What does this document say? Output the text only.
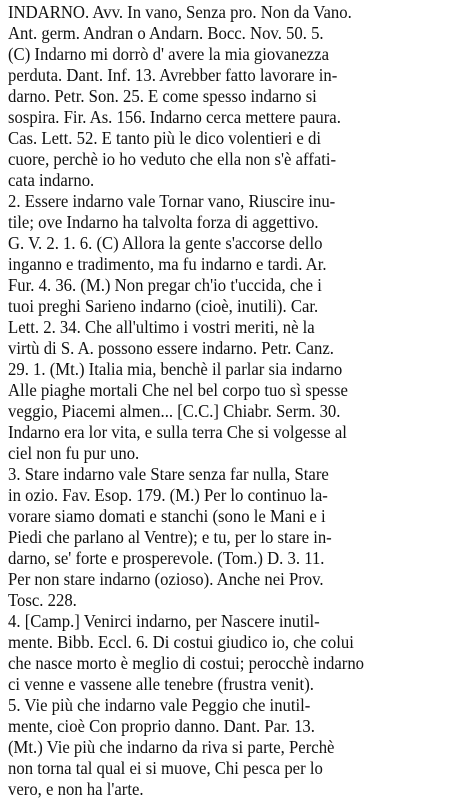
INDARNO. Avv. In vano, Senza pro. Non da Vano.
Ant. germ. Andran o Andarn. Bocc. Nov. 50. 5.
(C) Indarno mi dorrò d' avere la mia giovanezza
perduta. Dant. Inf. 13. Avrebber fatto lavorare in-
darno. Petr. Son. 25. E come spesso indarno si
sospira. Fir. As. 156. Indarno cerca mettere paura.
Cas. Lett. 52. E tanto più le dico volentieri e di
cuore, perchè io ho veduto che ella non s'è affati-
cata indarno.
2. Essere indarno vale Tornar vano, Riuscire inu-
tile; ove Indarno ha talvolta forza di aggettivo.
G. V. 2. 1. 6. (C) Allora la gente s'accorse dello
inganno e tradimento, ma fu indarno e tardi. Ar.
Fur. 4. 36. (M.) Non pregar ch'io t'uccida, che i
tuoi preghi Sarieno indarno (cioè, inutili). Car.
Lett. 2. 34. Che all'ultimo i vostri meriti, nè la
virtù di S. A. possono essere indarno. Petr. Canz.
29. 1. (Mt.) Italia mia, benchè il parlar sia indarno
Alle piaghe mortali Che nel bel corpo tuo sì spesse
veggio, Piacemi almen... [C.C.] Chiabr. Serm. 30.
Indarno era lor vita, e sulla terra Che si volgesse al
ciel non fu pur uno.
3. Stare indarno vale Stare senza far nulla, Stare
in ozio. Fav. Esop. 179. (M.) Per lo continuo la-
vorare siamo domati e stanchi (sono le Mani e i
Piedi che parlano al Ventre); e tu, per lo stare in-
darno, se' forte e prosperevole. (Tom.) D. 3. 11.
Per non stare indarno (ozioso). Anche nei Prov.
Tosc. 228.
4. [Camp.] Venirci indarno, per Nascere inutil-
mente. Bibb. Eccl. 6. Di costui giudico io, che colui
che nasce morto è meglio di costui; perocchè indarno
ci venne e vassene alle tenebre (frustra venit).
5. Vie più che indarno vale Peggio che inutil-
mente, cioè Con proprio danno. Dant. Par. 13.
(Mt.) Vie più che indarno da riva si parte, Perchè
non torna tal qual ei si muove, Chi pesca per lo
vero, e non ha l'arte.
